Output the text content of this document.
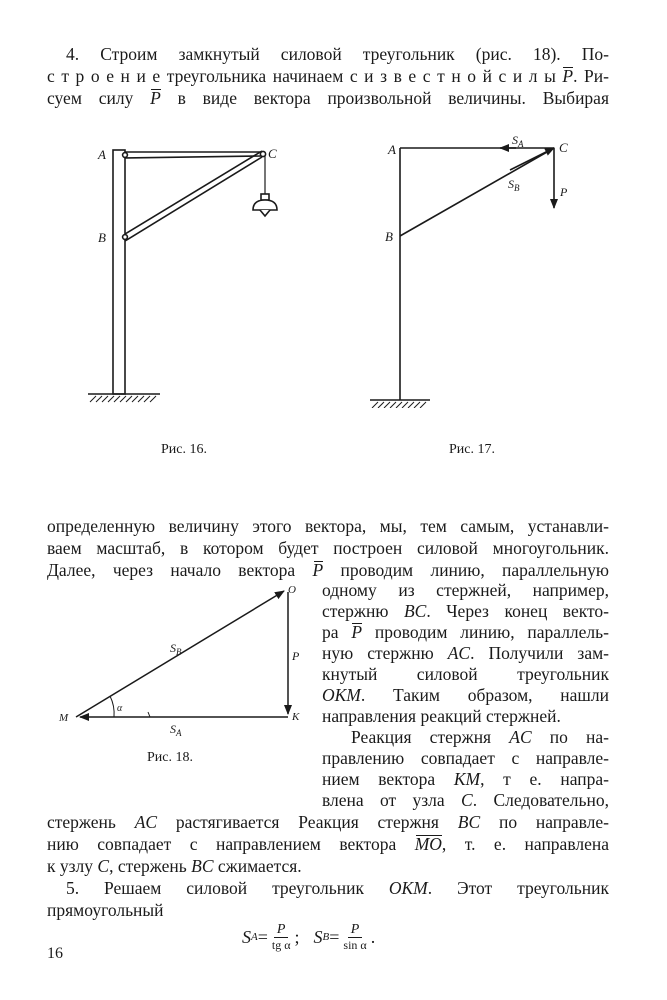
4. Строим замкнутый силовой треугольник (рис. 18). По-
с т р о е н и е треугольника начинаем с и з в е с т н о й с и л ы P. Ри-
суем силу P в виде вектора произвольной величины. Выбирая
A
B
C
Рис. 16.
A
B
C
$S_A$
$S_B$	P
Рис. 17.
определенную величину этого вектора, мы, тем самым, устанавли-
ваем масштаб, в котором будет построен силовой многоугольник.
Далее, через начало вектора P проводим линию, параллельную
O
K
M
P
$S_B$
$S_A$
α
Рис. 18.
одному из стержней, например,
стержню BC. Через конец векто-
ра P проводим линию, параллель-
ную стержню AC. Получили зам-
кнутый силовой треугольник
OKM. Таким образом, нашли
направления реакций стержней.
Реакция стержня AC по на-
правлению совпадает с направле-
нием вектора KM, т е. напра-
влена от узла C. Следовательно,
стержень AC растягивается Реакция стержня BC по направле-
нию совпадает с направлением вектора MO, т. е. направлена
к узлу C, стержень BC сжимается.
5. Решаем силовой треугольник OKM. Этот треугольник
прямоугольный
S $A = \frac{P}{\text{tg α}}$ ; S $B = \frac{P}{\text{sin α}}$ .
16
